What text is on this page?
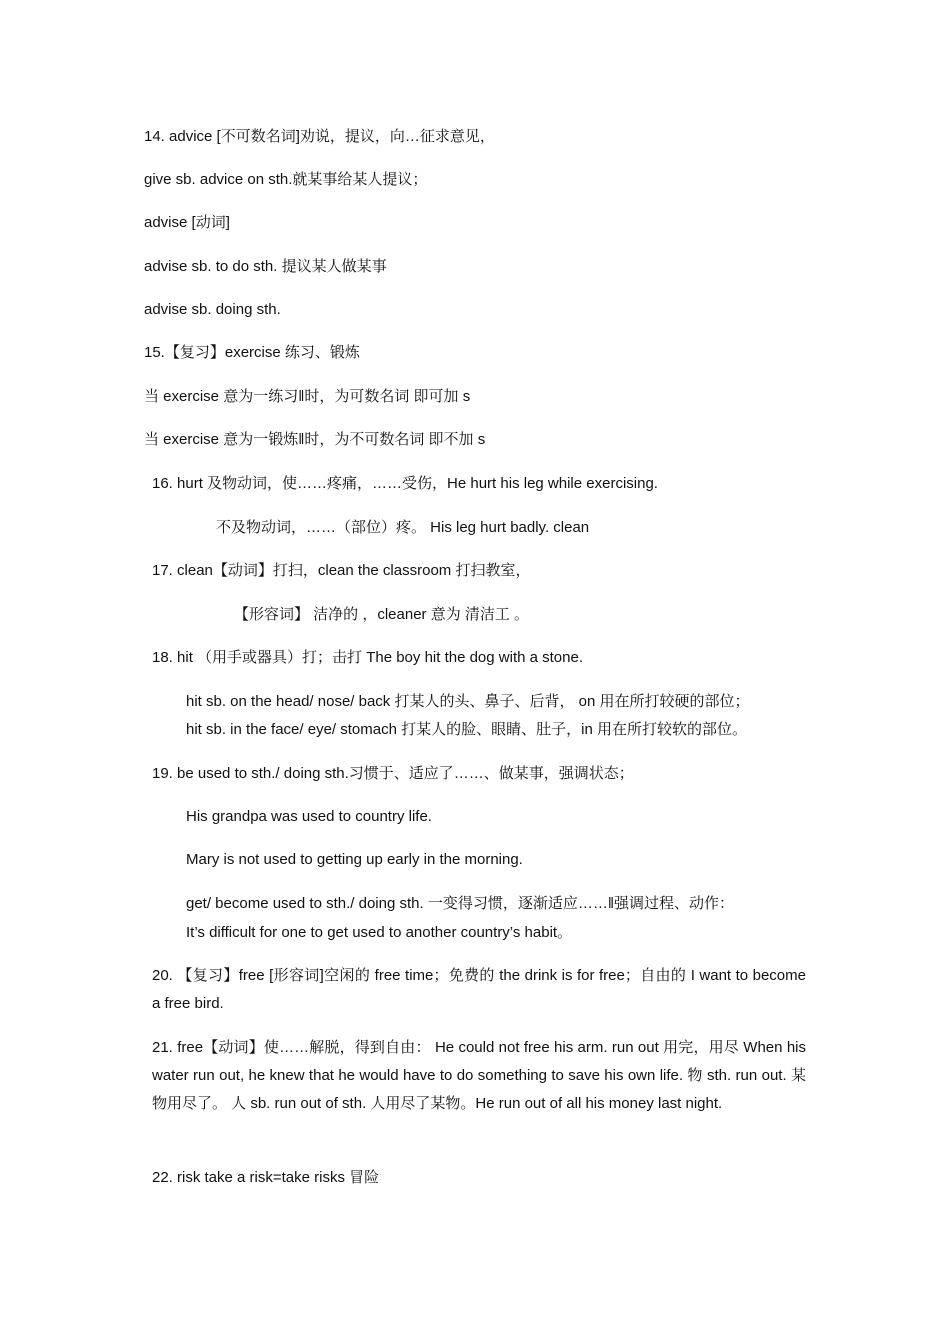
14. advice [不可数名词]劝说，提议，向…征求意见，
give sb. advice on sth.就某事给某人提议；
advise [动词]
advise sb. to do sth. 提议某人做某事
advise sb. doing sth.
15.【复习】exercise 练习、锻炼
当 exercise 意为一练习‖时，为可数名词 即可加 s
当 exercise 意为一锻炼‖时，为不可数名词 即不加 s
16. hurt 及物动词，使……疼痛，……受伤，He hurt his leg while exercising.
不及物动词，……（部位）疼。 His leg hurt badly. clean
17. clean【动词】打扫，clean the classroom 打扫教室，
【形容词】 洁净的 ，cleaner 意为 清洁工 。
18. hit （用手或器具）打；击打 The boy hit the dog with a stone.
hit sb. on the head/ nose/ back 打某人的头、鼻子、后背， on 用在所打较硬的部位；
hit sb. in the face/ eye/ stomach 打某人的脸、眼睛、肚子，in 用在所打较软的部位。
19. be used to sth./ doing sth.习惯于、适应了……、做某事，强调状态；
His grandpa was used to country life.
Mary is not used to getting up early in the morning.
get/ become used to sth./ doing sth. 一变得习惯，逐渐适应……‖强调过程、动作：
It’s difficult for one to get used to another country’s habit。
20. 【复习】free [形容词]空闲的 free time；免费的 the drink is for free；自由的 I want to become a free bird.
21. free【动词】使……解脱，得到自由： He could not free his arm. run out 用完，用尽 When his water run out, he knew that he would have to do something to save his own life. 物 sth. run out. 某物用尽了。 人 sb. run out of sth. 人用尽了某物。He run out of all his money last night.
22. risk take a risk=take risks 冒险
